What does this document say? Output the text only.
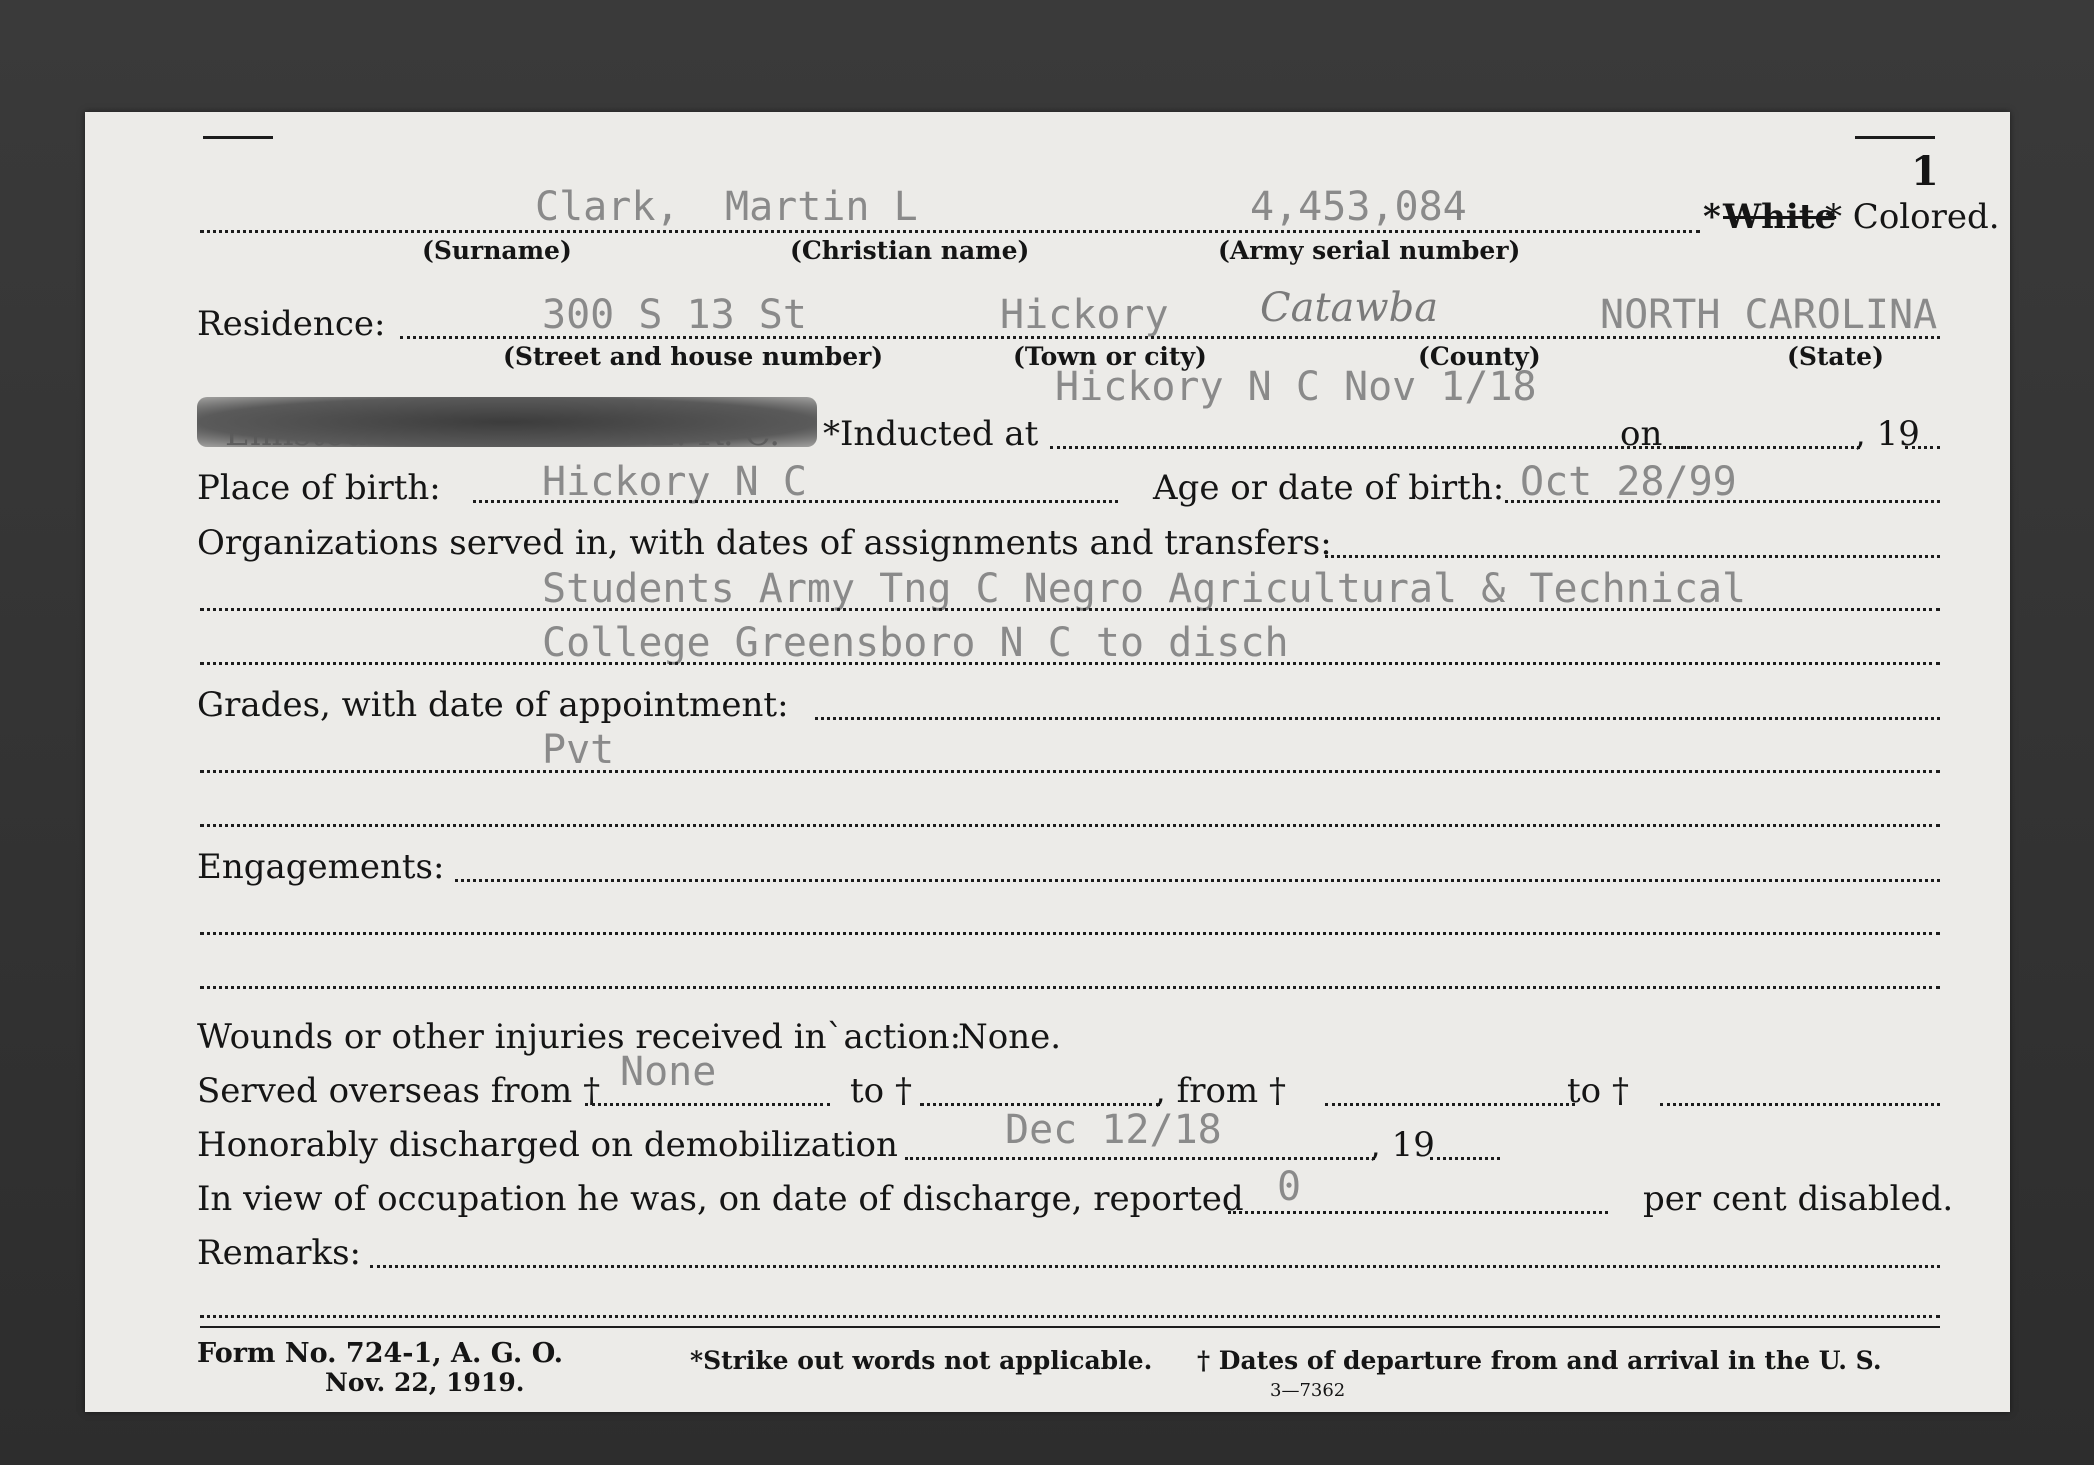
1
Clark, Martin L	4,453,084	* White
* Colored.
(Surname)	(Christian name)	(Army serial number)
Residence:	300 S 13 St	Hickory Catawba	NORTH CAROLINA
(Street and house number)	(Town or city)	(County)	(State)
Hickory N C Nov 1/18
*Inducted at	on	, 19
Place of birth:	Hickory N C	Age or date of birth: Oct 28/99
Organizations served in, with dates of assignments and transfers:
Students Army Tng C Negro Agricultural & Technical
College Greensboro N C to disch
Grades, with date of appointment:
Pvt
Engagements:
Wounds or other injuries received in`action:
None.
Served overseas from † None	to †	, from †	to †
Honorably discharged on demobilization	Dec 12/18	, 19
In view of occupation he was, on date of discharge, reported 0	per cent disabled.
Remarks:
Form No. 724-1, A. G. O.
Nov. 22, 1919.
*Strike out words not applicable. † Dates of departure from and arrival in the U. S.
3—7362
